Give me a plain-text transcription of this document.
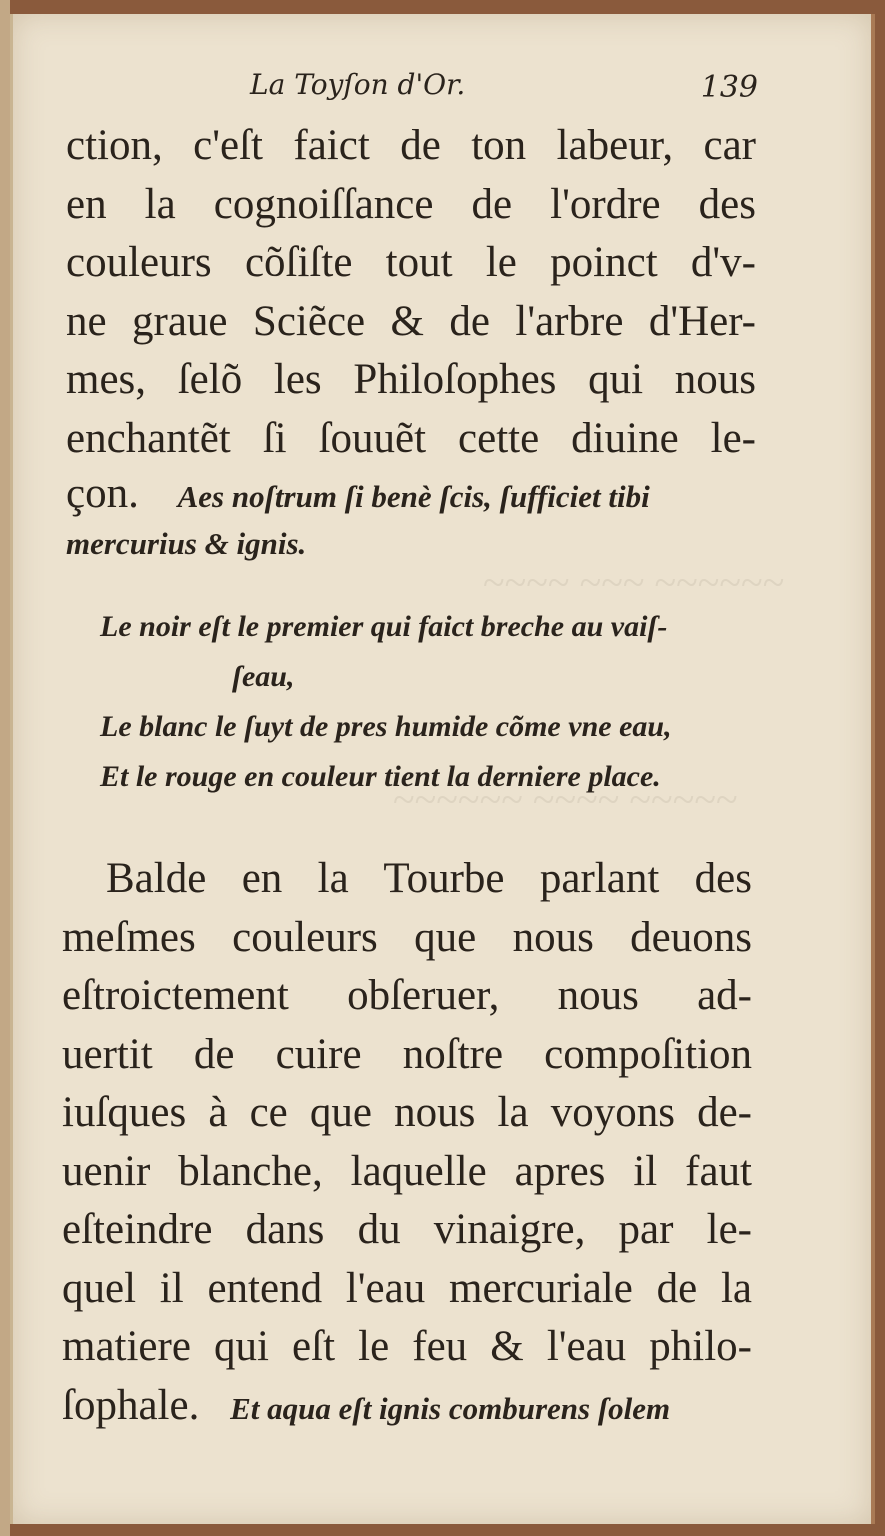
~~~~ ~~~ ~~~~~~
~~~~~~ ~~~~ ~~~~~
La Toyſon d'Or.	139
ction, c'eſt faict de ton labeur, car
en la cognoiſſance de l'ordre des
couleurs cõſiſte tout le poinct d'v-
ne graue Sciẽce & de l'arbre d'Her-
mes, ſelõ les Philoſophes qui nous
enchantẽt ſi ſouuẽt cette diuine le-
çon. Aes noſtrum ſi benè ſcis, ſufficiet tibi
mercurius & ignis.
Le noir eſt le premier qui faict breche au vaiſ-
ſeau,
Le blanc le ſuyt de pres humide cõme vne eau,
Et le rouge en couleur tient la derniere place.
Balde en la Tourbe parlant des
meſmes couleurs que nous deuons
eſtroictement obſeruer, nous ad-
uertit de cuire noſtre compoſition
iuſques à ce que nous la voyons de-
uenir blanche, laquelle apres il faut
eſteindre dans du vinaigre, par le-
quel il entend l'eau mercuriale de la
matiere qui eſt le feu & l'eau philo-
ſophale. Et aqua eſt ignis comburens ſolem
